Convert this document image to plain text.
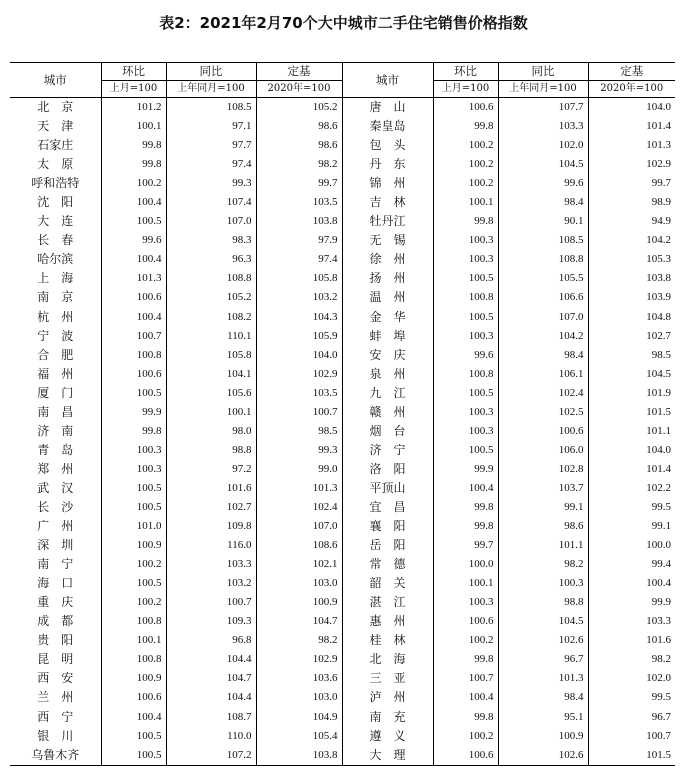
表2：2021年2月70个大中城市二手住宅销售价格指数
城市	环比	同比	定基	城市	环比	同比	定基
	上月=100	上年同月=100	2020年=100		上月=100	上年同月=100	2020年=100
北　京	101.2	108.5	105.2	唐　山	100.6	107.7	104.0
天　津	100.1	97.1	98.6	秦皇岛	99.8	103.3	101.4
石家庄	99.8	97.7	98.6	包　头	100.2	102.0	101.3
太　原	99.8	97.4	98.2	丹　东	100.2	104.5	102.9
呼和浩特	100.2	99.3	99.7	锦　州	100.2	99.6	99.7
沈　阳	100.4	107.4	103.5	吉　林	100.1	98.4	98.9
大　连	100.5	107.0	103.8	牡丹江	99.8	90.1	94.9
长　春	99.6	98.3	97.9	无　锡	100.3	108.5	104.2
哈尔滨	100.4	96.3	97.4	徐　州	100.3	108.8	105.3
上　海	101.3	108.8	105.8	扬　州	100.5	105.5	103.8
南　京	100.6	105.2	103.2	温　州	100.8	106.6	103.9
杭　州	100.4	108.2	104.3	金　华	100.5	107.0	104.8
宁　波	100.7	110.1	105.9	蚌　埠	100.3	104.2	102.7
合　肥	100.8	105.8	104.0	安　庆	99.6	98.4	98.5
福　州	100.6	104.1	102.9	泉　州	100.8	106.1	104.5
厦　门	100.5	105.6	103.5	九　江	100.5	102.4	101.9
南　昌	99.9	100.1	100.7	赣　州	100.3	102.5	101.5
济　南	99.8	98.0	98.5	烟　台	100.3	100.6	101.1
青　岛	100.3	98.8	99.3	济　宁	100.5	106.0	104.0
郑　州	100.3	97.2	99.0	洛　阳	99.9	102.8	101.4
武　汉	100.5	101.6	101.3	平顶山	100.4	103.7	102.2
长　沙	100.5	102.7	102.4	宜　昌	99.8	99.1	99.5
广　州	101.0	109.8	107.0	襄　阳	99.8	98.6	99.1
深　圳	100.9	116.0	108.6	岳　阳	99.7	101.1	100.0
南　宁	100.2	103.3	102.1	常　德	100.0	98.2	99.4
海　口	100.5	103.2	103.0	韶　关	100.1	100.3	100.4
重　庆	100.2	100.7	100.9	湛　江	100.3	98.8	99.9
成　都	100.8	109.3	104.7	惠　州	100.6	104.5	103.3
贵　阳	100.1	96.8	98.2	桂　林	100.2	102.6	101.6
昆　明	100.8	104.4	102.9	北　海	99.8	96.7	98.2
西　安	100.9	104.7	103.6	三　亚	100.7	101.3	102.0
兰　州	100.6	104.4	103.0	泸　州	100.4	98.4	99.5
西　宁	100.4	108.7	104.9	南　充	99.8	95.1	96.7
银　川	100.5	110.0	105.4	遵　义	100.2	100.9	100.7
乌鲁木齐	100.5	107.2	103.8	大　理	100.6	102.6	101.5
